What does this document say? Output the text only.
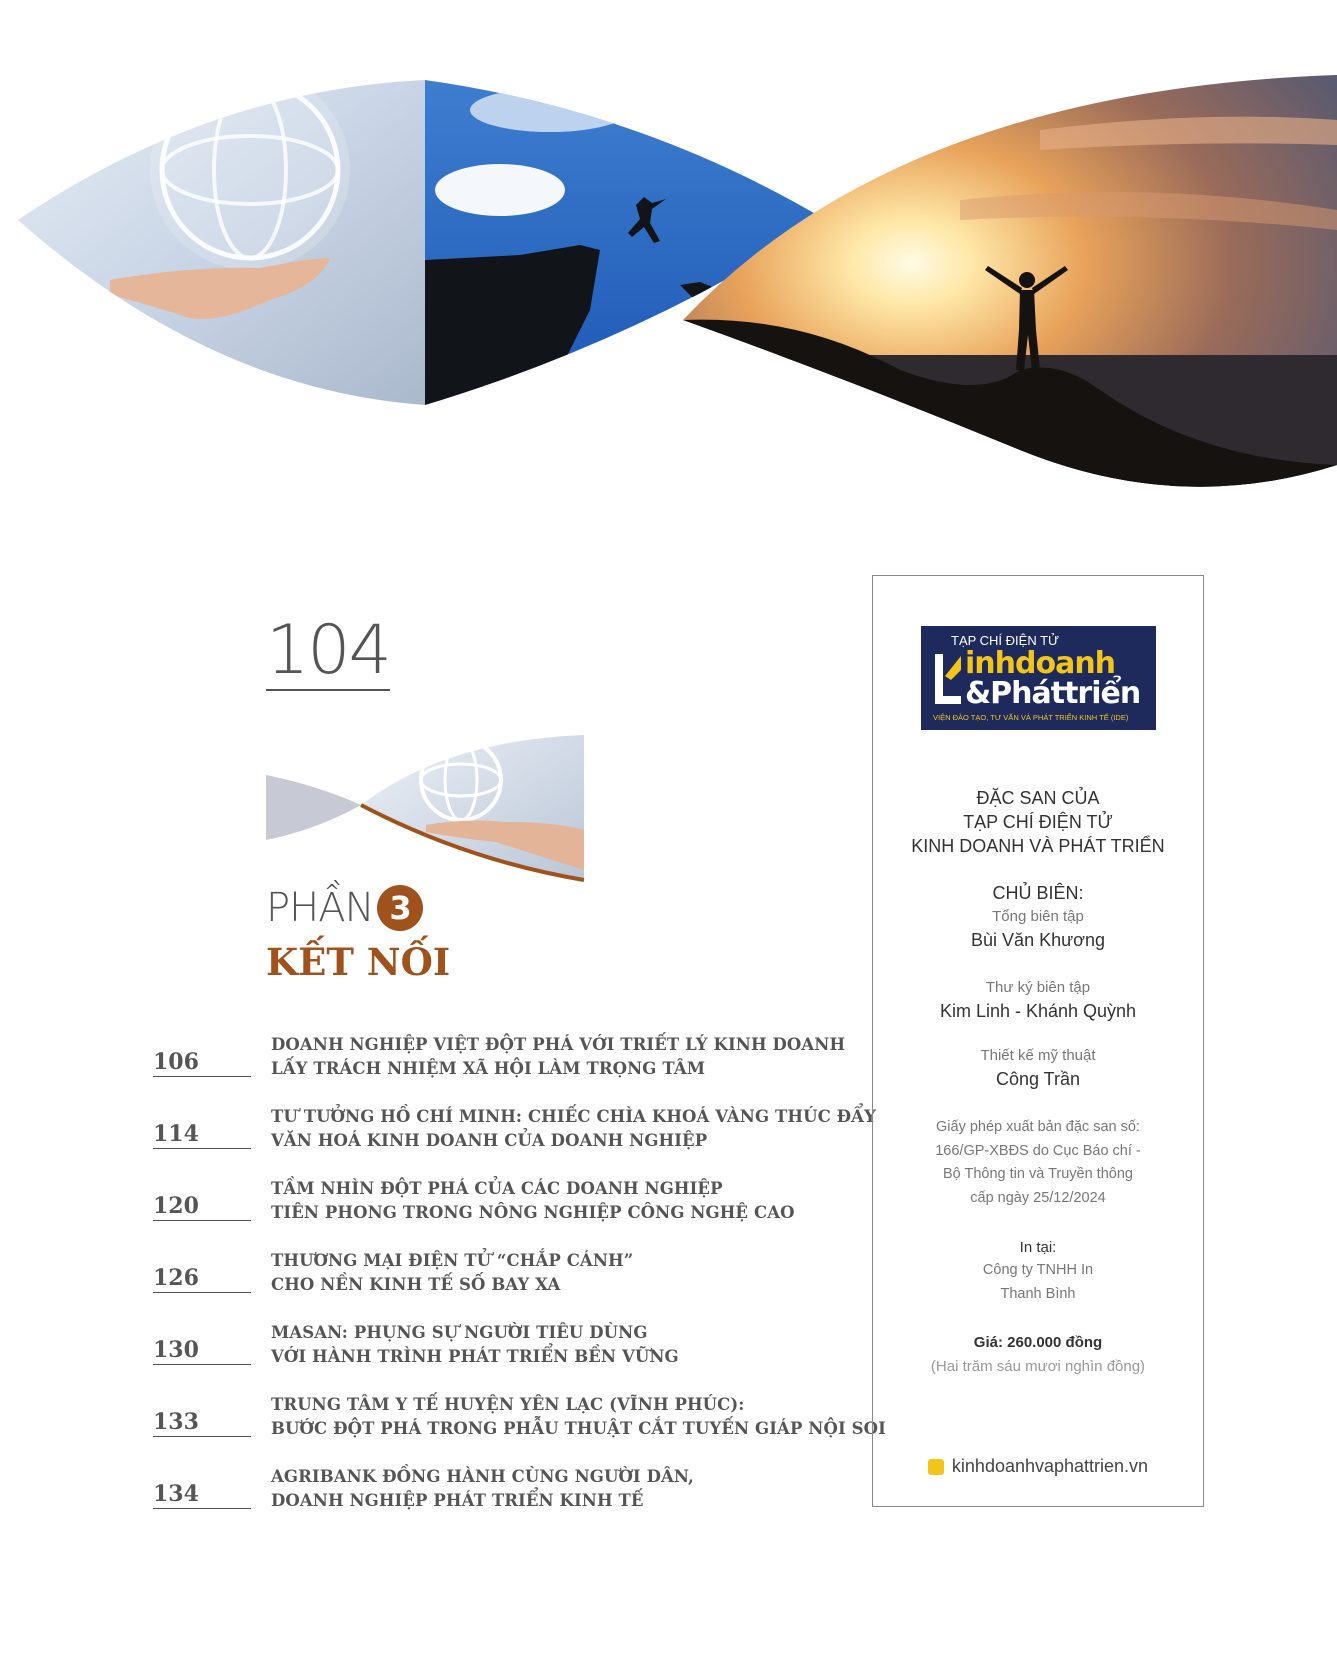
104
PHẦN 3
KẾT NỐI
106
DOANH NGHIỆP VIỆT ĐỘT PHÁ VỚI TRIẾT LÝ KINH DOANH
LẤY TRÁCH NHIỆM XÃ HỘI LÀM TRỌNG TÂM
114
TƯ TƯỞNG HỒ CHÍ MINH: CHIẾC CHÌA KHOÁ VÀNG THÚC ĐẨY
VĂN HOÁ KINH DOANH CỦA DOANH NGHIỆP
120
TẦM NHÌN ĐỘT PHÁ CỦA CÁC DOANH NGHIỆP
TIÊN PHONG TRONG NÔNG NGHIỆP CÔNG NGHỆ CAO
126
THƯƠNG MẠI ĐIỆN TỬ “CHẮP CÁNH”
CHO NỀN KINH TẾ SỐ BAY XA
130
MASAN: PHỤNG SỰ NGƯỜI TIÊU DÙNG
VỚI HÀNH TRÌNH PHÁT TRIỂN BỀN VỮNG
133
TRUNG TÂM Y TẾ HUYỆN YÊN LẠC (VĨNH PHÚC):
BƯỚC ĐỘT PHÁ TRONG PHẪU THUẬT CẮT TUYẾN GIÁP NỘI SOI
134
AGRIBANK ĐỒNG HÀNH CÙNG NGƯỜI DÂN,
DOANH NGHIỆP PHÁT TRIỂN KINH TẾ
TẠP CHÍ ĐIỆN TỬ
inhdoanh
&Pháttriển
VIỆN ĐÀO TẠO, TƯ VẤN VÀ PHÁT TRIỂN KINH TẾ (IDE)
ĐẶC SAN CỦA
TẠP CHÍ ĐIỆN TỬ
KINH DOANH VÀ PHÁT TRIỂN
CHỦ BIÊN:
Tổng biên tập
Bùi Văn Khương
Thư ký biên tập
Kim Linh - Khánh Quỳnh
Thiết kế mỹ thuật
Công Trần
Giấy phép xuất bản đặc san số:
166/GP-XBĐS do Cục Báo chí -
Bộ Thông tin và Truyền thông
cấp ngày 25/12/2024
In tại:
Công ty TNHH In
Thanh Bình
Giá: 260.000 đồng
(Hai trăm sáu mươi nghìn đồng)
kinhdoanhvaphattrien.vn
